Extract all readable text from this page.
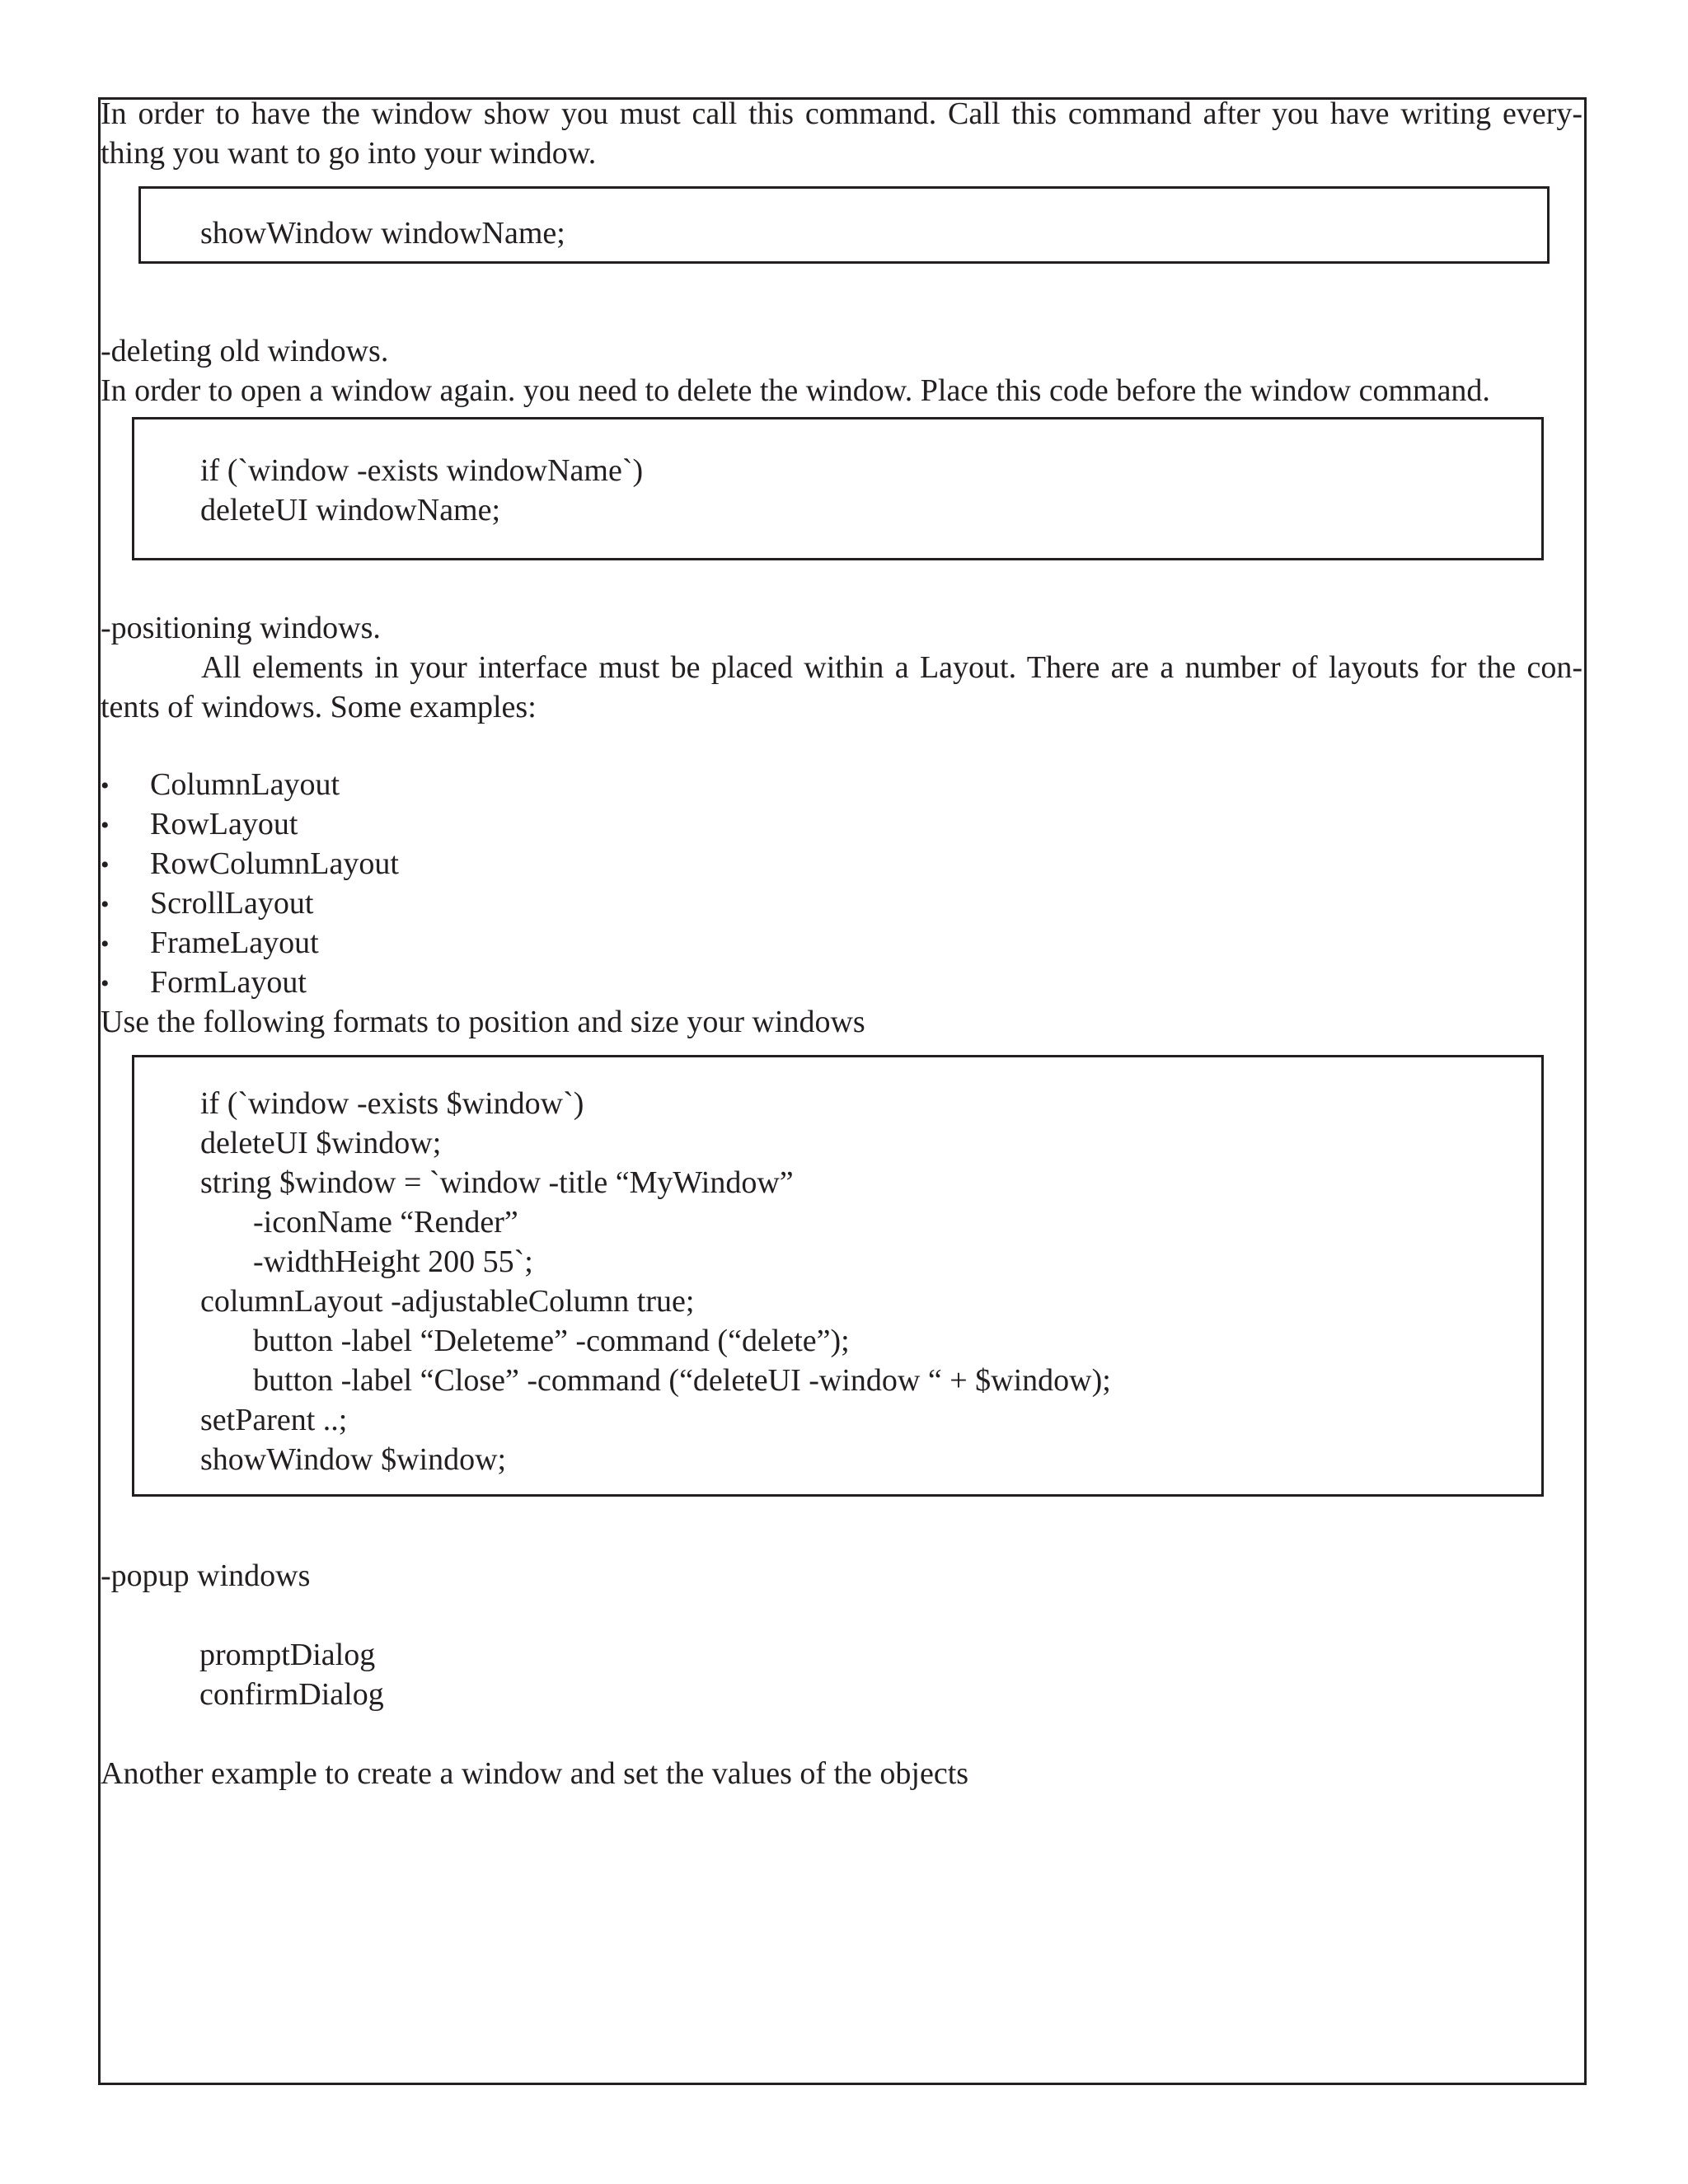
In order to have the window show you must call this command. Call this command after you have writing every-
thing you want to go into your window.
showWindow windowName;
-deleting old windows.
In order to open a window again. you need to delete the window. Place this code before the window command.
if (`window -exists windowName`)
deleteUI windowName;
-positioning windows.
All elements in your interface must be placed within a Layout. There are a number of layouts for the con-
tents of windows. Some examples:
• ColumnLayout
• RowLayout
• RowColumnLayout
• ScrollLayout
• FrameLayout
• FormLayout
Use the following formats to position and size your windows
if (`window -exists $window`)
deleteUI $window;
string $window = `window -title “MyWindow”
-iconName “Render”
-widthHeight 200 55`;
columnLayout -adjustableColumn true;
button -label “Deleteme” -command (“delete”);
button -label “Close” -command (“deleteUI -window “ + $window);
setParent ..;
showWindow $window;
-popup windows
promptDialog
confirmDialog
Another example to create a window and set the values of the objects
